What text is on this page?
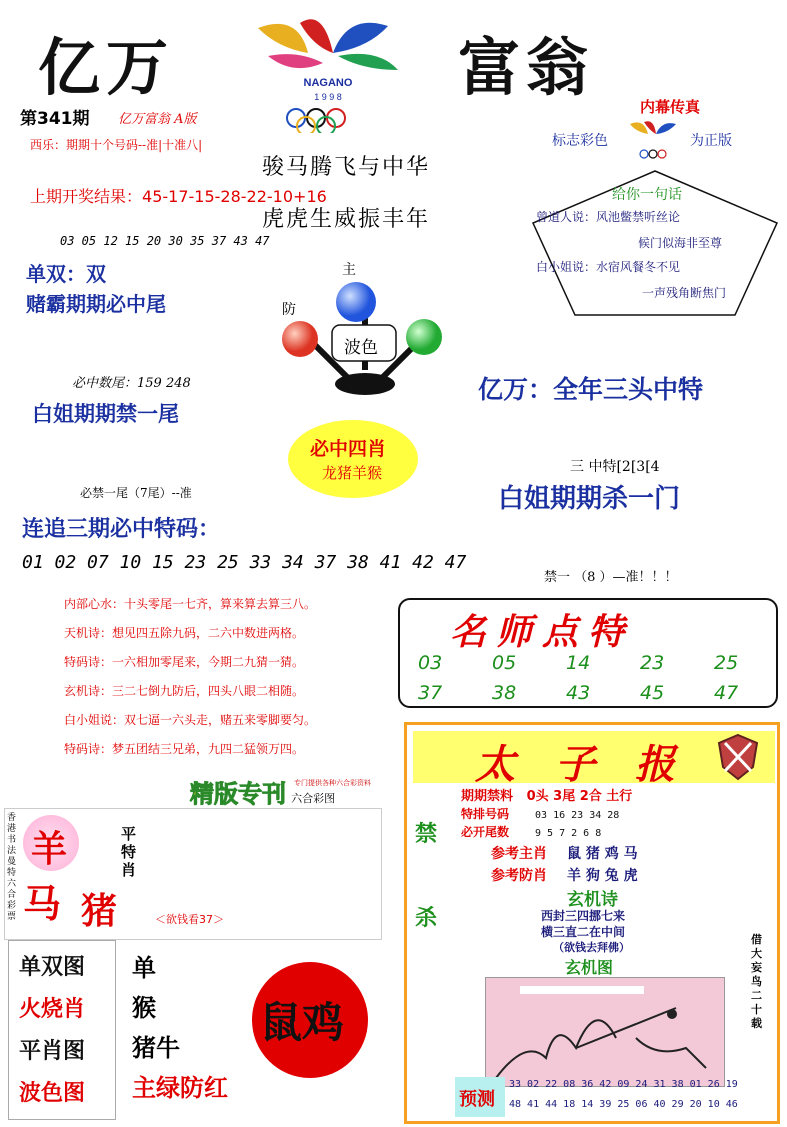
亿万	富翁
NAGANO
1 9 9 8
第341期 亿万富翁 A版
西乐：期期十个号码--准|十准八|
上期开奖结果：45-17-15-28-22-10+16
骏马腾飞与中华
虎虎生威振丰年
内幕传真
标志彩色	为正版
给你一句话
曾道人说：风池鳖禁听丝论
候门似海非至尊
白小姐说：水宿风餐冬不见
一声残角断焦门
03 05 12 15 20 30 35 37 43 47
单双：双
赌霸期期必中尾
主
防
波色
必中数尾：159 248
白姐期期禁一尾
亿万：全年三头中特
必中四肖
龙猪羊猴	三 中特[2[3[4
白姐期期杀一门
必禁一尾（7尾）--准
连追三期必中特码：
01 02 07 10 15 23 25 33 34 37 38 41 42 47
内部心水：十头零尾一七齐，算来算去算三八。
天机诗：想见四五除九码，二六中数进两格。
特码诗：一六相加零尾来，今期二九猜一猜。
玄机诗：三二七倒九防后，四头八眼二相随。
白小姐说：双七逼一六头走，赌五来零脚要匀。
特码诗：梦五团结三兄弟，九四二猛领万四。
禁一 （8 ）—准！！！
名师点特
03	05	14	23	25
37	38	43	45	47
精版专刊 六合彩图
专门提供各种六合彩资料
香港书法曼特六合彩票
羊
马 猪
平特肖
＜欲钱看37＞
单双图
火烧肖
平肖图
波色图
单
猴
猪牛
主绿防红
鼠鸡
太子报
禁
杀
期期禁料 0头 3尾 2合 土行
特排号码	03 16 23 34 28
必开尾数	9 5 7 2 6 8
参考主肖 鼠 猪 鸡 马
参考防肖 羊 狗 兔 虎
玄机诗
西封三四挪七来
横三直二在中间
（欲钱去拜佛）
玄机图
借大妄鸟二十载
预测
33 02 22 08 36 42 09 24 31 38 01 26 19
48 41 44 18 14 39 25 06 40 29 20 10 46
